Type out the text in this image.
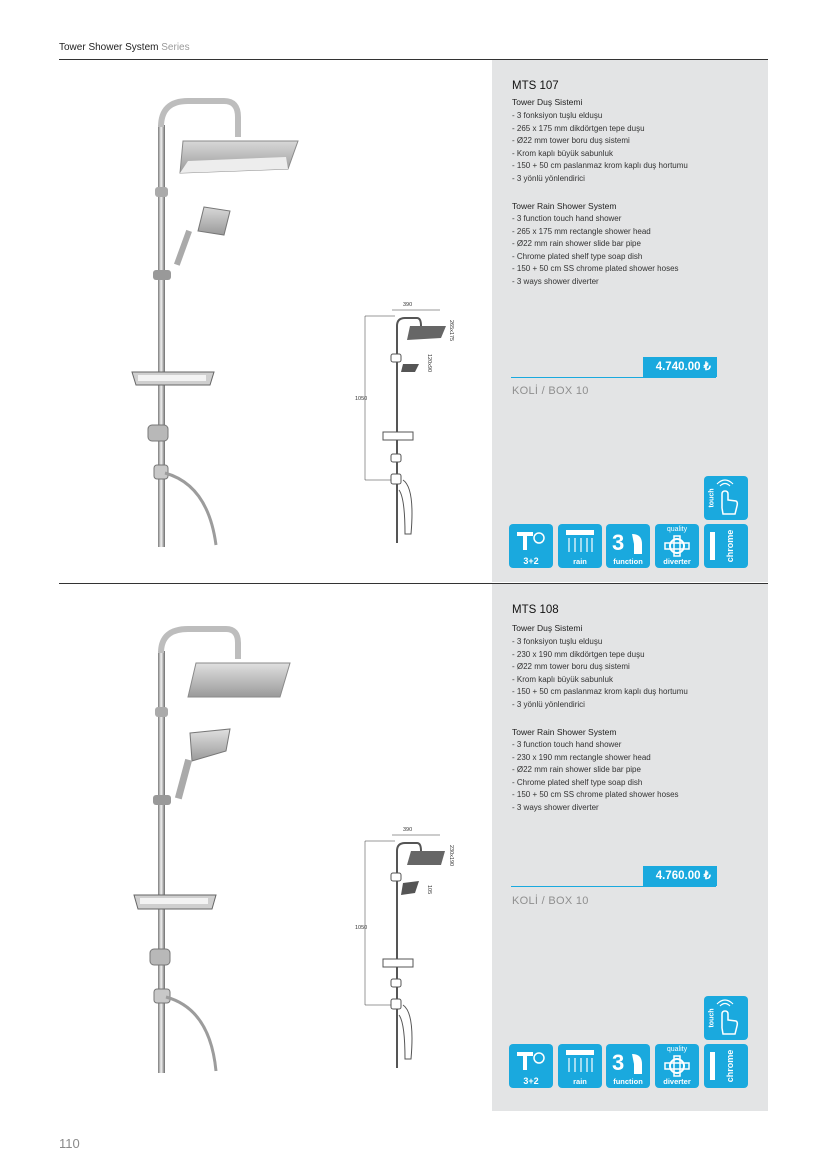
Tower Shower System Series
390
1050
265x175
120x90
MTS 107
Tower Duş Sistemi
- 3 fonksiyon tuşlu elduşu
- 265 x 175 mm dikdörtgen tepe duşu
- Ø22 mm tower boru duş sistemi
- Krom kaplı büyük sabunluk
- 150 + 50 cm paslanmaz krom kaplı duş hortumu
- 3 yönlü yönlendirici
Tower Rain Shower System
- 3 function touch hand shower
- 265 x 175 mm rectangle shower head
- Ø22 mm rain shower slide bar pipe
- Chrome plated shelf type soap dish
- 150 + 50 cm SS chrome plated shower hoses
- 3 ways shower diverter
4.740.00 ₺
KOLİ / BOX 10
touch
3+2	rain
3
function
quality
diverter	chrome
390
1050
230x190
105
MTS 108
Tower Duş Sistemi
- 3 fonksiyon tuşlu elduşu
- 230 x 190 mm dikdörtgen tepe duşu
- Ø22 mm tower boru duş sistemi
- Krom kaplı büyük sabunluk
- 150 + 50 cm paslanmaz krom kaplı duş hortumu
- 3 yönlü yönlendirici
Tower Rain Shower System
- 3 function touch hand shower
- 230 x 190 mm rectangle shower head
- Ø22 mm rain shower slide bar pipe
- Chrome plated shelf type soap dish
- 150 + 50 cm SS chrome plated shower hoses
- 3 ways shower diverter
4.760.00 ₺
KOLİ / BOX 10
touch
3+2	rain
3
function
quality
diverter	chrome
110
